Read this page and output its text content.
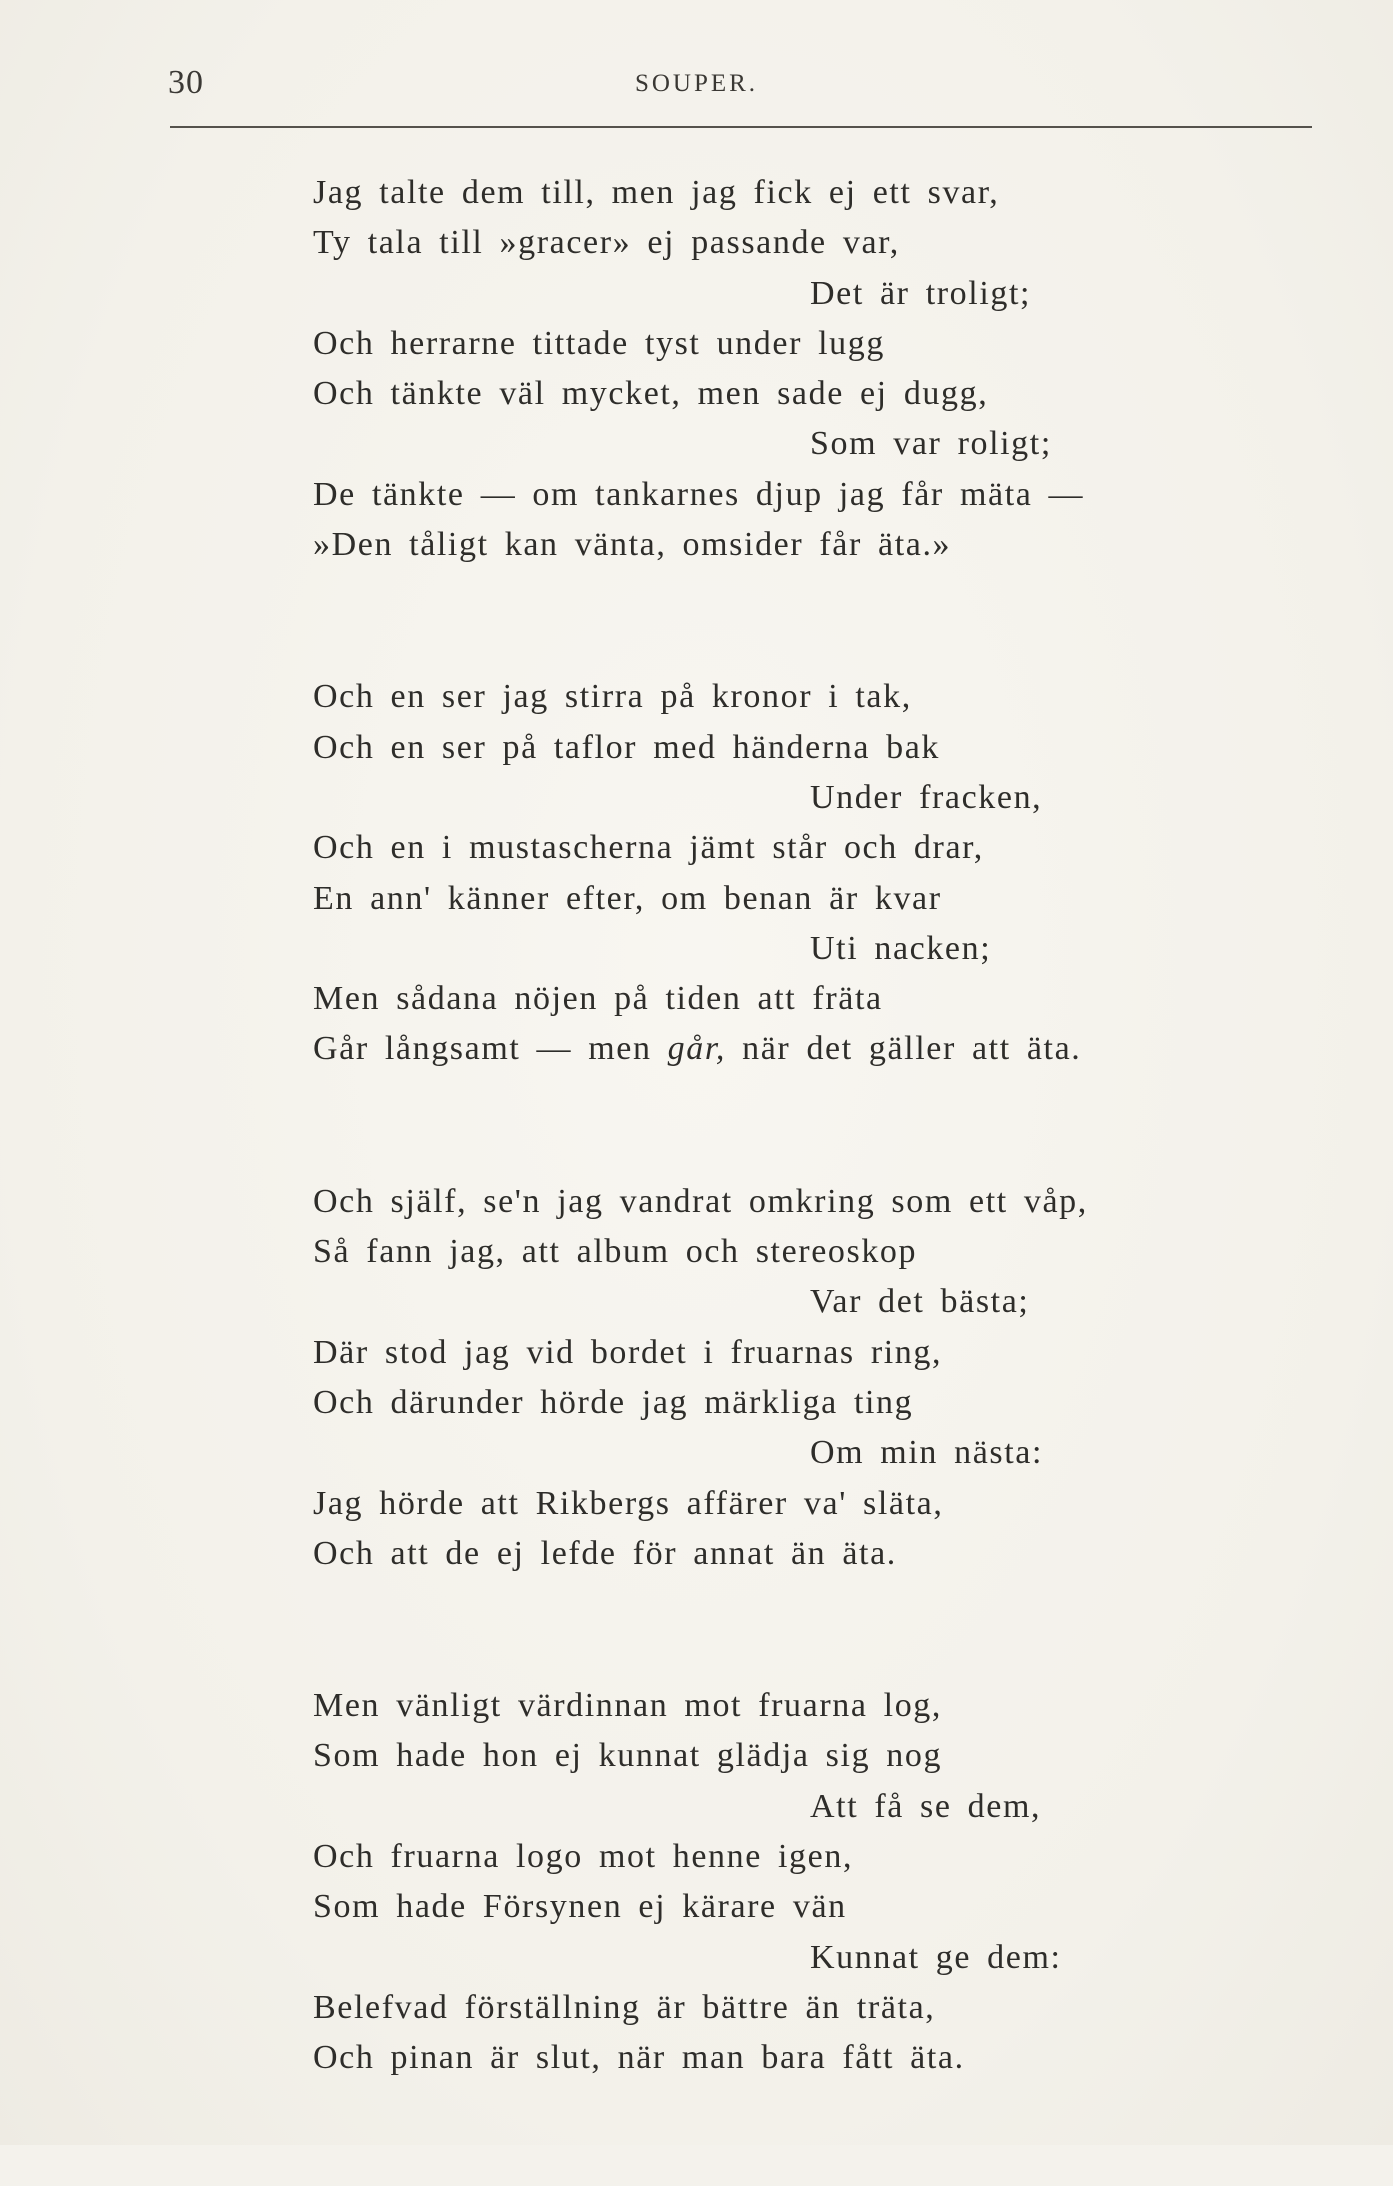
30	SOUPER.
Jag talte dem till, men jag fick ej ett svar,
Ty tala till »gracer» ej passande var,
Det är troligt;
Och herrarne tittade tyst under lugg
Och tänkte väl mycket, men sade ej dugg,
Som var roligt;
De tänkte — om tankarnes djup jag får mäta —
»Den tåligt kan vänta, omsider får äta.»
Och en ser jag stirra på kronor i tak,
Och en ser på taflor med händerna bak
Under fracken,
Och en i mustascherna jämt står och drar,
En ann' känner efter, om benan är kvar
Uti nacken;
Men sådana nöjen på tiden att fräta
Går långsamt — men går, när det gäller att äta.
Och själf, se'n jag vandrat omkring som ett våp,
Så fann jag, att album och stereoskop
Var det bästa;
Där stod jag vid bordet i fruarnas ring,
Och därunder hörde jag märkliga ting
Om min nästa:
Jag hörde att Rikbergs affärer va' släta,
Och att de ej lefde för annat än äta.
Men vänligt värdinnan mot fruarna log,
Som hade hon ej kunnat glädja sig nog
Att få se dem,
Och fruarna logo mot henne igen,
Som hade Försynen ej kärare vän
Kunnat ge dem:
Belefvad förställning är bättre än träta,
Och pinan är slut, när man bara fått äta.
